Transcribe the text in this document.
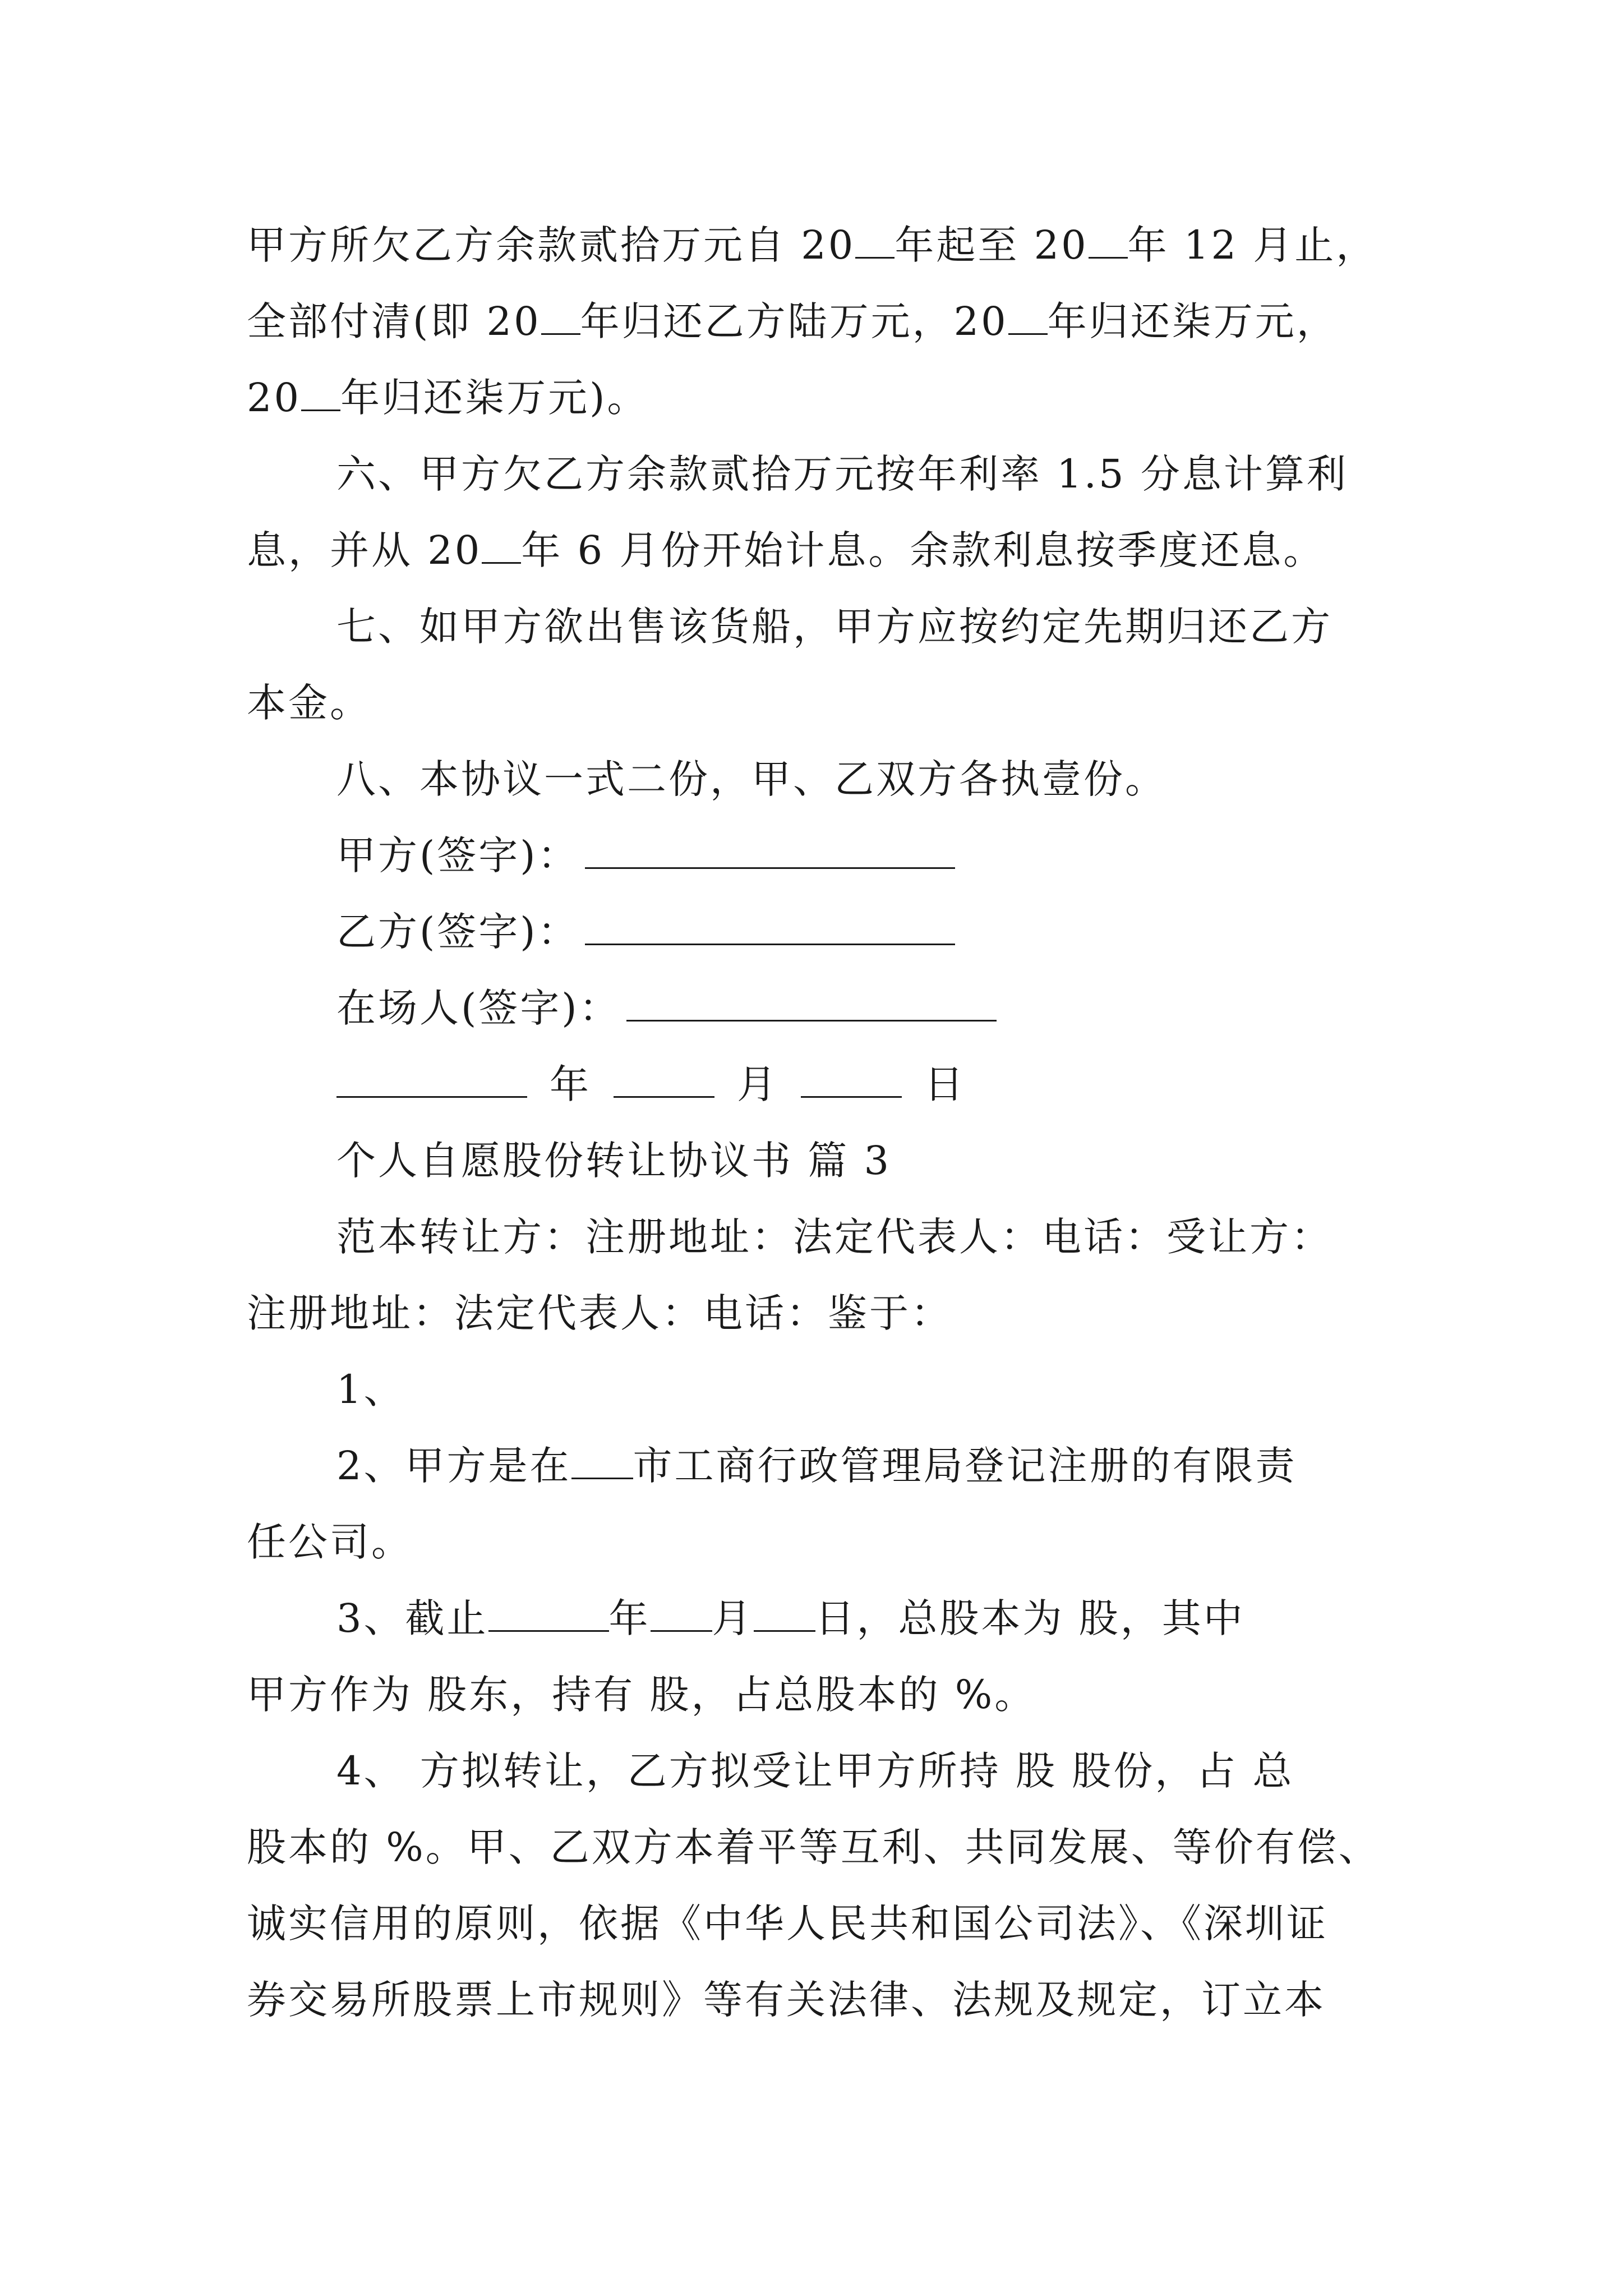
甲方所欠乙方余款贰拾万元自 20 年起至 20 年 12 月止，
全部付清(即 20 年归还乙方陆万元，20 年归还柒万元，
20 年归还柒万元)。
六、甲方欠乙方余款贰拾万元按年利率 1.5 分息计算利
息，并从 20 年 6 月份开始计息。余款利息按季度还息。
七、如甲方欲出售该货船，甲方应按约定先期归还乙方
本金。
八、本协议一式二份，甲、乙双方各执壹份。
甲方(签字)：
乙方(签字)：
在场人(签字)：
年	月	日
个人自愿股份转让协议书 篇 3
范本转让方：注册地址：法定代表人：电话：受让方：
注册地址：法定代表人：电话：鉴于：
1、
2、甲方是在 市工商行政管理局登记注册的有限责
任公司。
3、截止	年 月 日，总股本为 股，其中
甲方作为 股东，持有 股，占总股本的 %。
4、 方拟转让，乙方拟受让甲方所持 股 股份，占 总
股本的 %。甲、乙双方本着平等互利、共同发展、等价有偿、
诚实信用的原则，依据《中华人民共和国公司法》、《深圳证
券交易所股票上市规则》等有关法律、法规及规定，订立本
